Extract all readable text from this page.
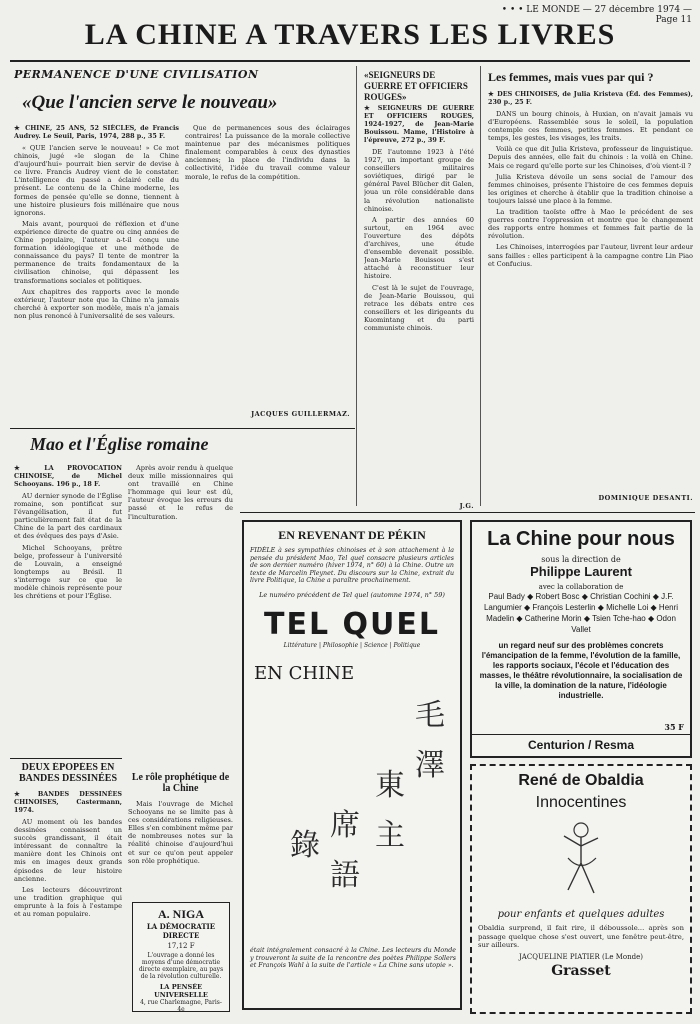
• • • LE MONDE — 27 décembre 1974 — Page 11
LA CHINE A TRAVERS LES LIVRES
PERMANENCE D'UNE CIVILISATION
«Que l'ancien serve le nouveau»
★ CHINE, 25 ANS, 52 SIÈCLES, de Francis Audrey. Le Seuil, Paris, 1974, 288 p., 35 F.

« QUE l'ancien serve le nouveau! » Ce mot chinois, jugé «le slogan de la Chine d'aujourd'hui» pourrait bien servir de devise à ce livre. Francis Audrey vient de le constater. L'intelligence du passé a éclairé celle du présent. Le contenu de la Chine moderne, les formes de pensée qu'elle se donne, tiennent à une histoire plusieurs fois millénaire que nous ignorons.

Mais avant, pourquoi de réflexion et d'une expérience directe de quatre ou cinq années de Chine populaire, l'auteur a-t-il conçu une formation idéologique et une méthode de connaissance du pays? Il tente de montrer la permanence de traits fondamentaux de la civilisation chinoise, qui dépassent les transformations sociales et politiques.

Aux chapitres des rapports avec le monde extérieur, l'auteur note que la Chine n'a jamais cherché à exporter son modèle, mais n'a jamais non plus renoncé à l'universalité de ses valeurs.

Que de permanences sous des éclairages contraires! La puissance de la morale collective maintenue par des mécanismes politiques finalement comparables à ceux des dynasties anciennes; la place de l'individu dans la collectivité, l'idée du travail comme valeur morale, le refus de la compétition.

JACQUES GUILLERMAZ.
Mao et l'Église romaine
★ LA PROVOCATION CHINOISE, de Michel Schooyans. 196 p., 18 F.

AU dernier synode de l'Église romaine, son pontificat sur l'évangélisation, il fut particulièrement fait état de la Chine de la part des cardinaux et des évêques des pays d'Asie.

Michel Schooyans, prêtre belge, professeur à l'université de Louvain, a enseigné longtemps au Brésil. Il s'interroge sur ce que le modèle chinois représente pour les chrétiens et pour l'Église.

Après avoir rendu à quelque deux mille missionnaires qui ont travaillé en Chine l'hommage qui leur est dû, l'auteur évoque les erreurs du passé et le refus de l'inculturation.

DEUX ÉPOPÉES EN BANDES DESSINÉES
★ BANDES DESSINÉES CHINOISES, Castermann, 1974.

AU moment où les bandes dessinées connaissent un succès grandissant, il était intéressant de connaître la manière dont les Chinois ont mis en images deux grands épisodes de leur histoire ancienne.

Les lecteurs découvriront une tradition graphique qui emprunte à la fois à l'estampe et au roman populaire.

Le rôle prophétique de la Chine

Mais l'ouvrage de Michel Schooyans ne se limite pas à ces considérations religieuses. Elles s'en combinent même par de nombreuses notes sur la réalité chinoise d'aujourd'hui et sur ce qu'on peut appeler son rôle prophétique.

A. NIGA
LA DÉMOCRATIE DIRECTE
17,12 F
L'ouvrage a donné les moyens d'une démocratie directe exemplaire, au pays de la révolution culturelle.
LA PENSÉE UNIVERSELLE
4, rue Charlemagne, Paris-4e
«SEIGNEURS DE GUERRE ET OFFICIERS ROUGES»
★ SEIGNEURS DE GUERRE ET OFFICIERS ROUGES, 1924-1927, de Jean-Marie Bouissou. Mame, l'Histoire à l'épreuve, 272 p., 39 F.

DE l'automne 1923 à l'été 1927, un important groupe de conseillers militaires soviétiques, dirigé par le général Pavel Blücher dit Galen, joua un rôle considérable dans la révolution nationaliste chinoise.

A partir des années 60 surtout, en 1964 avec l'ouverture des dépôts d'archives, une étude d'ensemble devenait possible. Jean-Marie Bouissou s'est attaché à reconstituer leur histoire.

C'est là le sujet de l'ouvrage, de Jean-Marie Bouissou, qui retrace les débats entre ces conseillers et les dirigeants du Kuomintang et du parti communiste chinois.

J.G.
Les femmes, mais vues par qui ?
★ DES CHINOISES, de Julia Kristeva (Éd. des Femmes), 230 p., 25 F.

DANS un bourg chinois, à Huxian, on n'avait jamais vu d'Européens. Rassemblée sous le soleil, la population contemple ces femmes, petites femmes. Et pendant ce temps, les gestes, les visages, les traits.

Voilà ce que dit Julia Kristeva, professeur de linguistique. Depuis des années, elle fait du chinois : la voilà en Chine. Mais ce regard qu'elle porte sur les Chinoises, d'où vient-il ?

Julia Kristeva dévoile un sens social de l'amour des femmes chinoises, présente l'histoire de ces femmes depuis les origines et cherche à établir que la tradition chinoise a toujours laissé une place à la femme.

La tradition taoïste offre à Mao le précédent de ses guerres contre l'oppression et montre que le changement des rapports entre hommes et femmes fait partie de la révolution.

Les Chinoises, interrogées par l'auteur, livrent leur ardeur sans failles : elles participent à la campagne contre Lin Piao et Confucius.

DOMINIQUE DESANTI.
EN REVENANT DE PÉKIN
FIDÈLE à ses sympathies chinoises et à son attachement à la pensée du président Mao, Tel quel consacre plusieurs articles de son dernier numéro (hiver 1974, n° 60) à la Chine. Outre un texte de Marcelin Pleynet. Du discours sur la Chine, extrait du livre Politique, la Chine a paraître prochainement.
Le numéro précédent de Tel quel (automne 1974, n° 59)
TEL QUEL
Littérature | Philosophie | Science | Politique
EN CHINE
était intégralement consacré à la Chine. Les lecteurs du Monde y trouveront la suite de la rencontre des poètes Philippe Sollers et François Wahl à la suite de l'article « La Chine sans utopie ».
毛
澤
東
主
席
語
錄
La Chine pour nous
sous la direction de
Philippe Laurent
avec la collaboration de
Paul Bady ◆ Robert Bosc ◆ Christian Cochini ◆ J.F. Langumier ◆ François Lesterlin ◆ Michelle Loi ◆ Henri Madelin ◆ Catherine Morin ◆ Tsien Tche-hao ◆ Odon Vallet
un regard neuf sur des problèmes concrets l'émancipation de la femme, l'évolution de la famille, les rapports sociaux, l'école et l'éducation des masses, le théâtre révolutionnaire, la socialisation de la ville, la domination de la nature, l'idéologie industrielle.
35 F
Centurion / Resma
René de Obaldia
Innocentines
pour enfants et quelques adultes
Obaldia surprend, il fait rire, il déboussole... après son passage quelque chose s'est ouvert, une fenêtre peut-être, sur ailleurs.
JACQUELINE PIATIER (Le Monde)
Grasset
